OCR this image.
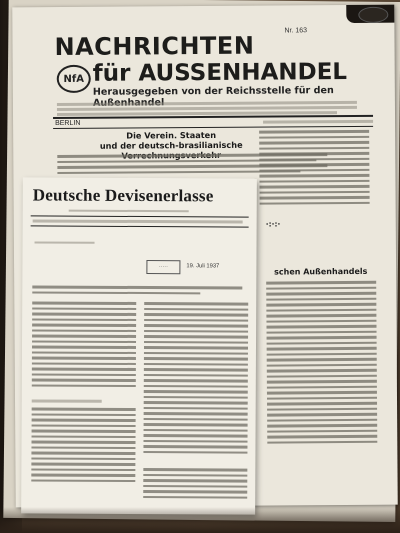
Nr. 163
NACHRICHTEN
NfA für AUSSENHANDEL
Herausgegeben von der Reichsstelle für den
BERLIN
Die Verein. Staaten
und der deutsch-brasilianische
·:·:·
schen Außenhandels
Deutsche Devisenerlasse
·····	19. Juli 1937
